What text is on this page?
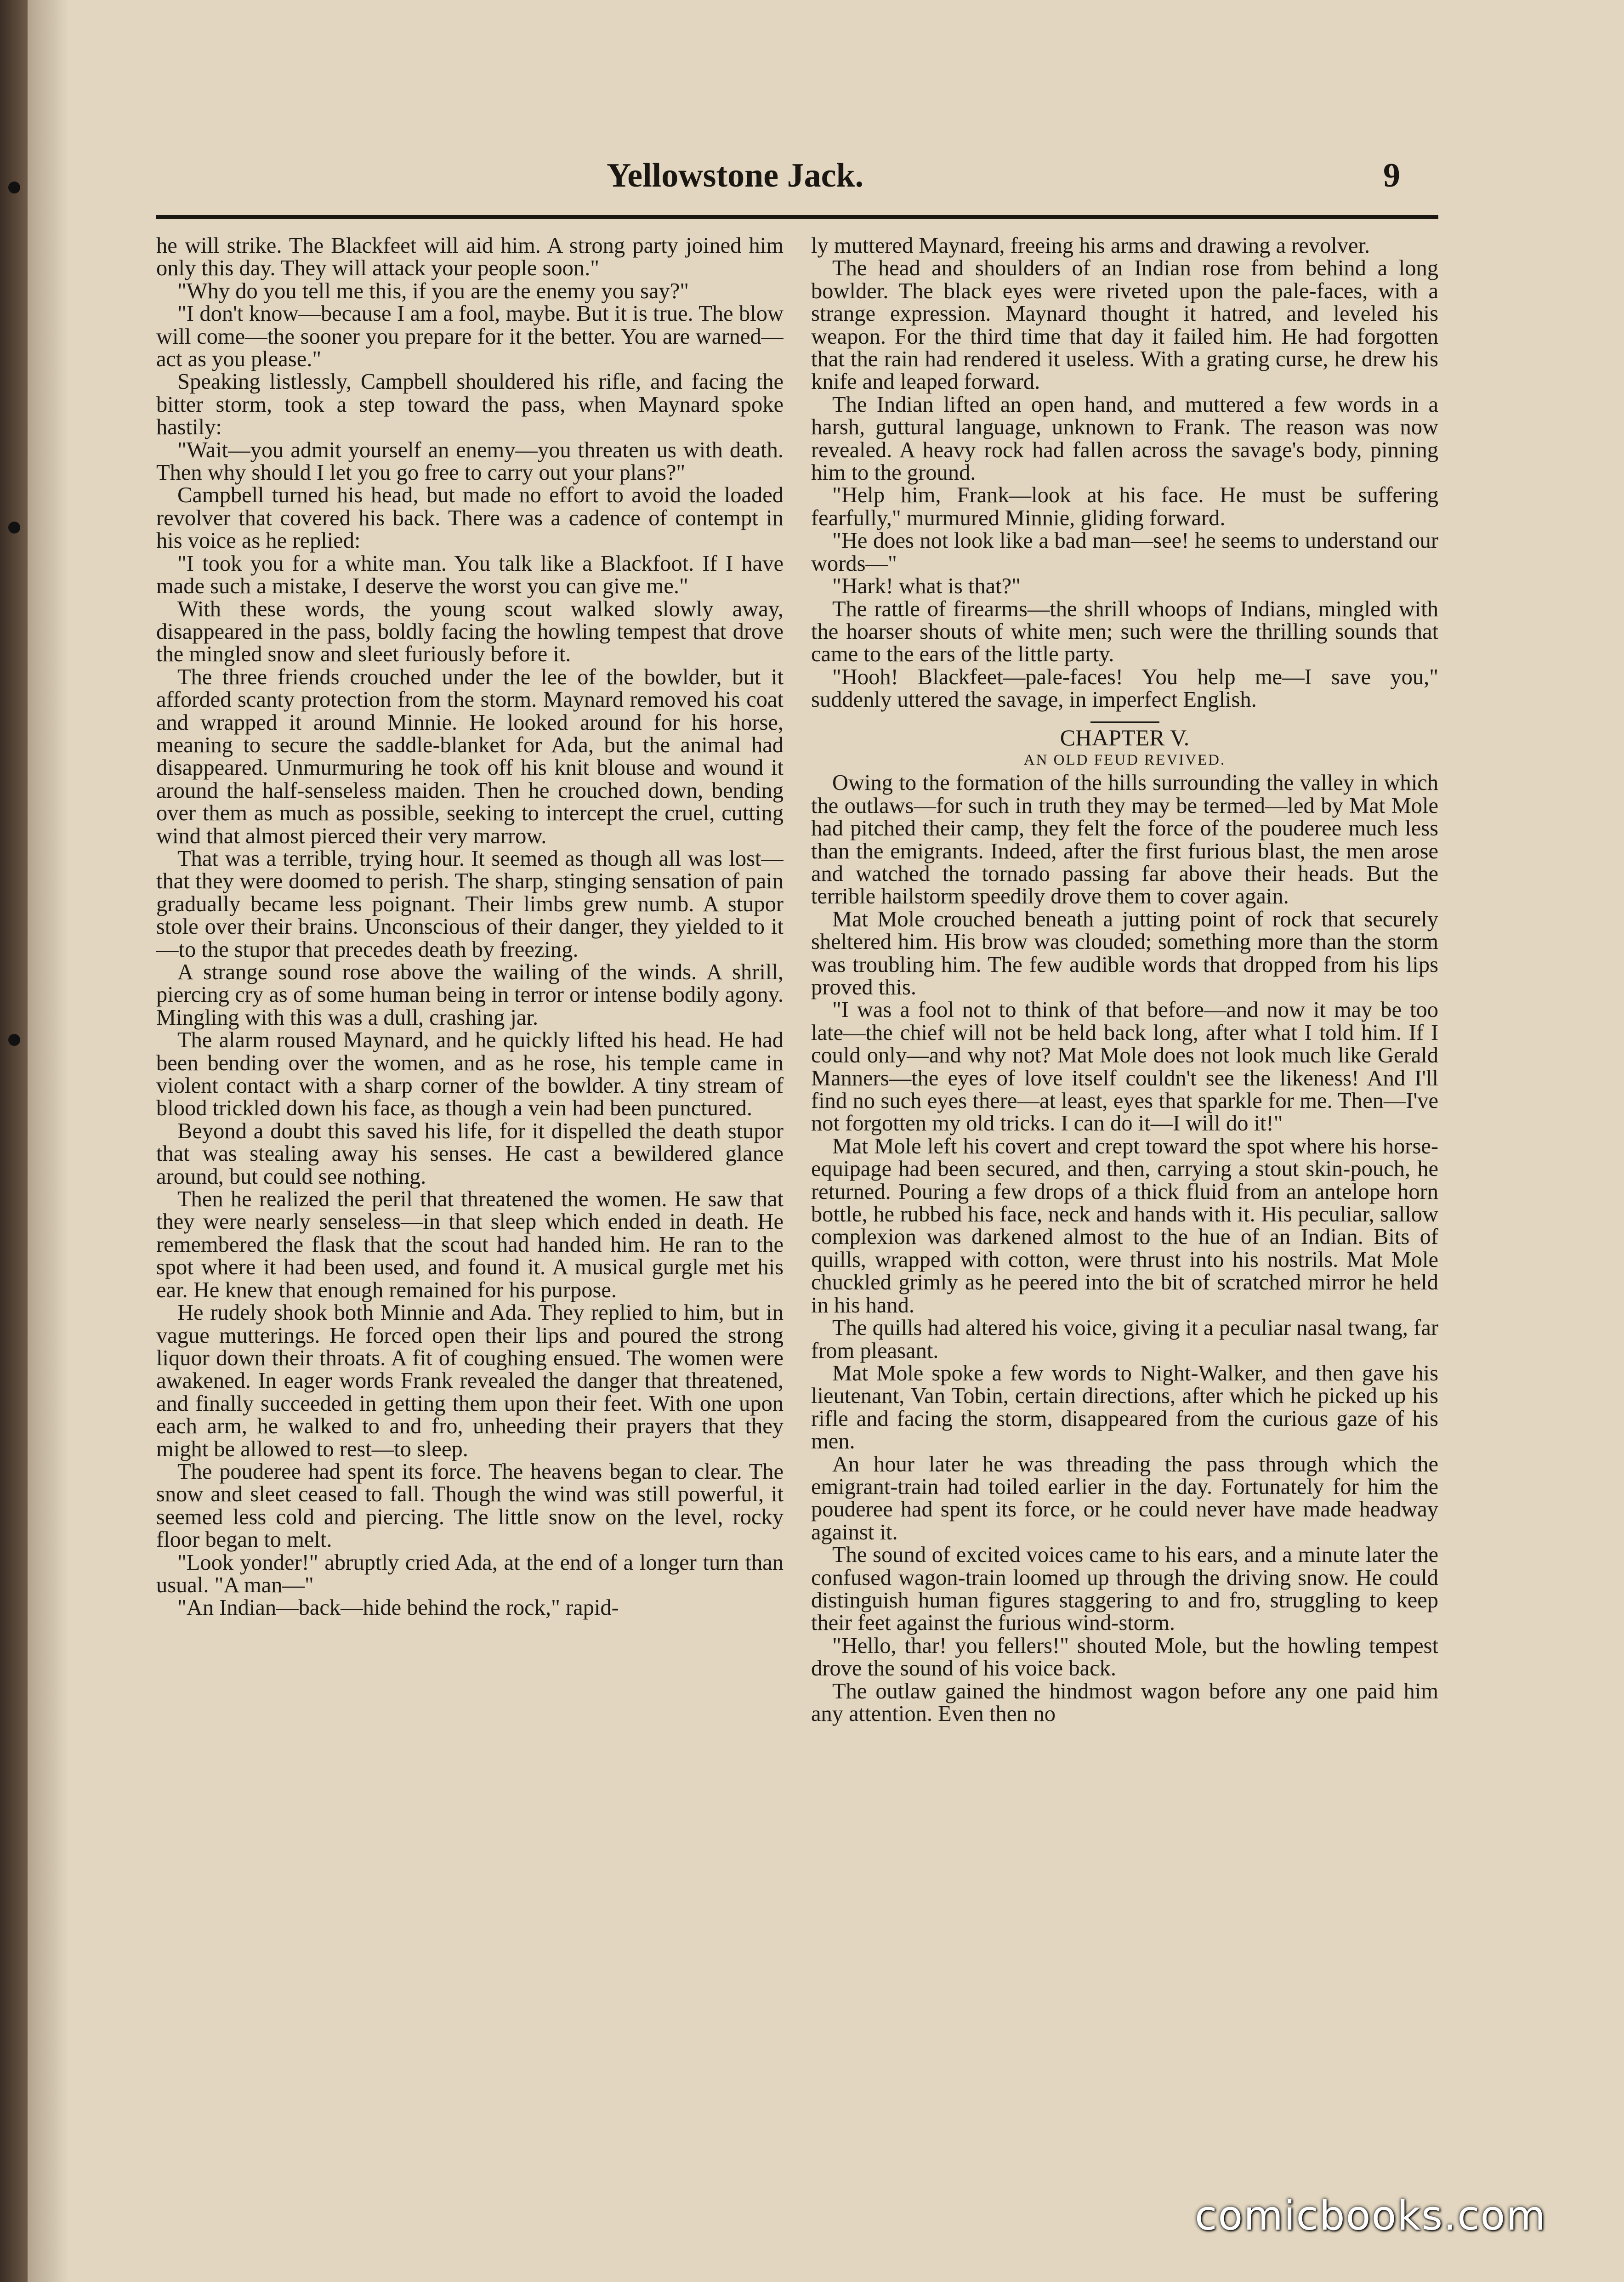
Yellowstone Jack.	9

he will strike. The Blackfeet will aid him. A strong party joined him only this day. They will attack your people soon."

"Why do you tell me this, if you are the enemy you say?"

"I don't know—because I am a fool, maybe. But it is true. The blow will come—the sooner you prepare for it the better. You are warned—act as you please."

Speaking listlessly, Campbell shouldered his rifle, and facing the bitter storm, took a step toward the pass, when Maynard spoke hastily:

"Wait—you admit yourself an enemy—you threaten us with death. Then why should I let you go free to carry out your plans?"

Campbell turned his head, but made no effort to avoid the loaded revolver that covered his back. There was a cadence of contempt in his voice as he replied:

"I took you for a white man. You talk like a Blackfoot. If I have made such a mistake, I deserve the worst you can give me."

With these words, the young scout walked slowly away, disappeared in the pass, boldly facing the howling tempest that drove the mingled snow and sleet furiously before it.

The three friends crouched under the lee of the bowlder, but it afforded scanty protection from the storm. Maynard removed his coat and wrapped it around Minnie. He looked around for his horse, meaning to secure the saddle-blanket for Ada, but the animal had disappeared. Unmurmuring he took off his knit blouse and wound it around the half-senseless maiden. Then he crouched down, bending over them as much as possible, seeking to intercept the cruel, cutting wind that almost pierced their very marrow.

That was a terrible, trying hour. It seemed as though all was lost—that they were doomed to perish. The sharp, stinging sensation of pain gradually became less poignant. Their limbs grew numb. A stupor stole over their brains. Unconscious of their danger, they yielded to it—to the stupor that precedes death by freezing.

A strange sound rose above the wailing of the winds. A shrill, piercing cry as of some human being in terror or intense bodily agony. Mingling with this was a dull, crashing jar.

The alarm roused Maynard, and he quickly lifted his head. He had been bending over the women, and as he rose, his temple came in violent contact with a sharp corner of the bowlder. A tiny stream of blood trickled down his face, as though a vein had been punctured.

Beyond a doubt this saved his life, for it dispelled the death stupor that was stealing away his senses. He cast a bewildered glance around, but could see nothing.

Then he realized the peril that threatened the women. He saw that they were nearly senseless—in that sleep which ended in death. He remembered the flask that the scout had handed him. He ran to the spot where it had been used, and found it. A musical gurgle met his ear. He knew that enough remained for his purpose.

He rudely shook both Minnie and Ada. They replied to him, but in vague mutterings. He forced open their lips and poured the strong liquor down their throats. A fit of coughing ensued. The women were awakened. In eager words Frank revealed the danger that threatened, and finally succeeded in getting them upon their feet. With one upon each arm, he walked to and fro, unheeding their prayers that they might be allowed to rest—to sleep.

The pouderee had spent its force. The heavens began to clear. The snow and sleet ceased to fall. Though the wind was still powerful, it seemed less cold and piercing. The little snow on the level, rocky floor began to melt.

"Look yonder!" abruptly cried Ada, at the end of a longer turn than usual. "A man—"

"An Indian—back—hide behind the rock," rapid-

ly muttered Maynard, freeing his arms and drawing a revolver.

The head and shoulders of an Indian rose from behind a long bowlder. The black eyes were riveted upon the pale-faces, with a strange expression. Maynard thought it hatred, and leveled his weapon. For the third time that day it failed him. He had forgotten that the rain had rendered it useless. With a grating curse, he drew his knife and leaped forward.

The Indian lifted an open hand, and muttered a few words in a harsh, guttural language, unknown to Frank. The reason was now revealed. A heavy rock had fallen across the savage's body, pinning him to the ground.

"Help him, Frank—look at his face. He must be suffering fearfully," murmured Minnie, gliding forward.

"He does not look like a bad man—see! he seems to understand our words—"

"Hark! what is that?"

The rattle of firearms—the shrill whoops of Indians, mingled with the hoarser shouts of white men; such were the thrilling sounds that came to the ears of the little party.

"Hooh! Blackfeet—pale-faces! You help me—I save you," suddenly uttered the savage, in imperfect English.

CHAPTER V.

AN OLD FEUD REVIVED.

Owing to the formation of the hills surrounding the valley in which the outlaws—for such in truth they may be termed—led by Mat Mole had pitched their camp, they felt the force of the pouderee much less than the emigrants. Indeed, after the first furious blast, the men arose and watched the tornado passing far above their heads. But the terrible hailstorm speedily drove them to cover again.

Mat Mole crouched beneath a jutting point of rock that securely sheltered him. His brow was clouded; something more than the storm was troubling him. The few audible words that dropped from his lips proved this.

"I was a fool not to think of that before—and now it may be too late—the chief will not be held back long, after what I told him. If I could only—and why not? Mat Mole does not look much like Gerald Manners—the eyes of love itself couldn't see the likeness! And I'll find no such eyes there—at least, eyes that sparkle for me. Then—I've not forgotten my old tricks. I can do it—I will do it!"

Mat Mole left his covert and crept toward the spot where his horse-equipage had been secured, and then, carrying a stout skin-pouch, he returned. Pouring a few drops of a thick fluid from an antelope horn bottle, he rubbed his face, neck and hands with it. His peculiar, sallow complexion was darkened almost to the hue of an Indian. Bits of quills, wrapped with cotton, were thrust into his nostrils. Mat Mole chuckled grimly as he peered into the bit of scratched mirror he held in his hand.

The quills had altered his voice, giving it a peculiar nasal twang, far from pleasant.

Mat Mole spoke a few words to Night-Walker, and then gave his lieutenant, Van Tobin, certain directions, after which he picked up his rifle and facing the storm, disappeared from the curious gaze of his men.

An hour later he was threading the pass through which the emigrant-train had toiled earlier in the day. Fortunately for him the pouderee had spent its force, or he could never have made headway against it.

The sound of excited voices came to his ears, and a minute later the confused wagon-train loomed up through the driving snow. He could distinguish human figures staggering to and fro, struggling to keep their feet against the furious wind-storm.

"Hello, thar! you fellers!" shouted Mole, but the howling tempest drove the sound of his voice back.

The outlaw gained the hindmost wagon before any one paid him any attention. Even then no

comicbooks.com
